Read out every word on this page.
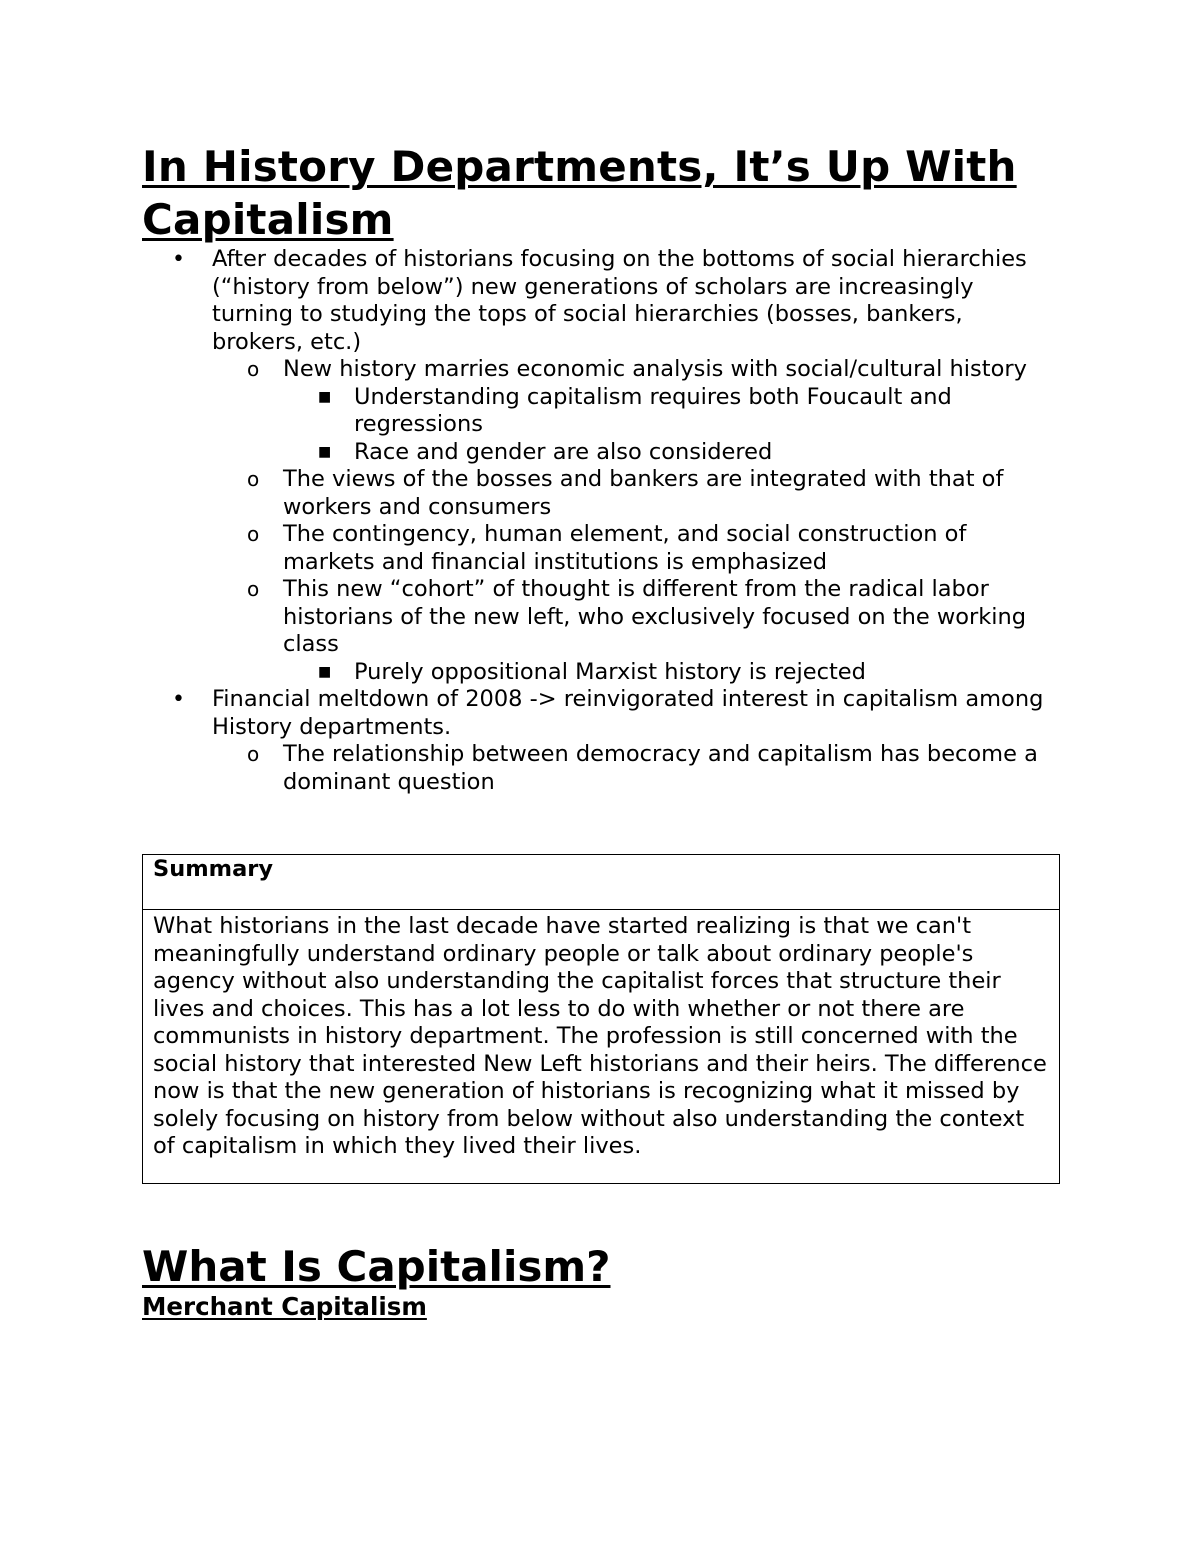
In History Departments, It’s Up With Capitalism
• After decades of historians focusing on the bottoms of social hierarchies (“history from below”) new generations of scholars are increasingly turning to studying the tops of social hierarchies (bosses, bankers, brokers, etc.)
o New history marries economic analysis with social/cultural history
■ Understanding capitalism requires both Foucault and regressions
■ Race and gender are also considered
o The views of the bosses and bankers are integrated with that of workers and consumers
o The contingency, human element, and social construction of markets and financial institutions is emphasized
o This new “cohort” of thought is different from the radical labor historians of the new left, who exclusively focused on the working class
■ Purely oppositional Marxist history is rejected
• Financial meltdown of 2008 -> reinvigorated interest in capitalism among History departments.
o The relationship between democracy and capitalism has become a dominant question
Summary
What historians in the last decade have started realizing is that we can't meaningfully understand ordinary people or talk about ordinary people's agency without also understanding the capitalist forces that structure their lives and choices. This has a lot less to do with whether or not there are communists in history department. The profession is still concerned with the social history that interested New Left historians and their heirs. The difference now is that the new generation of historians is recognizing what it missed by solely focusing on history from below without also understanding the context of capitalism in which they lived their lives.
What Is Capitalism?
Merchant Capitalism
